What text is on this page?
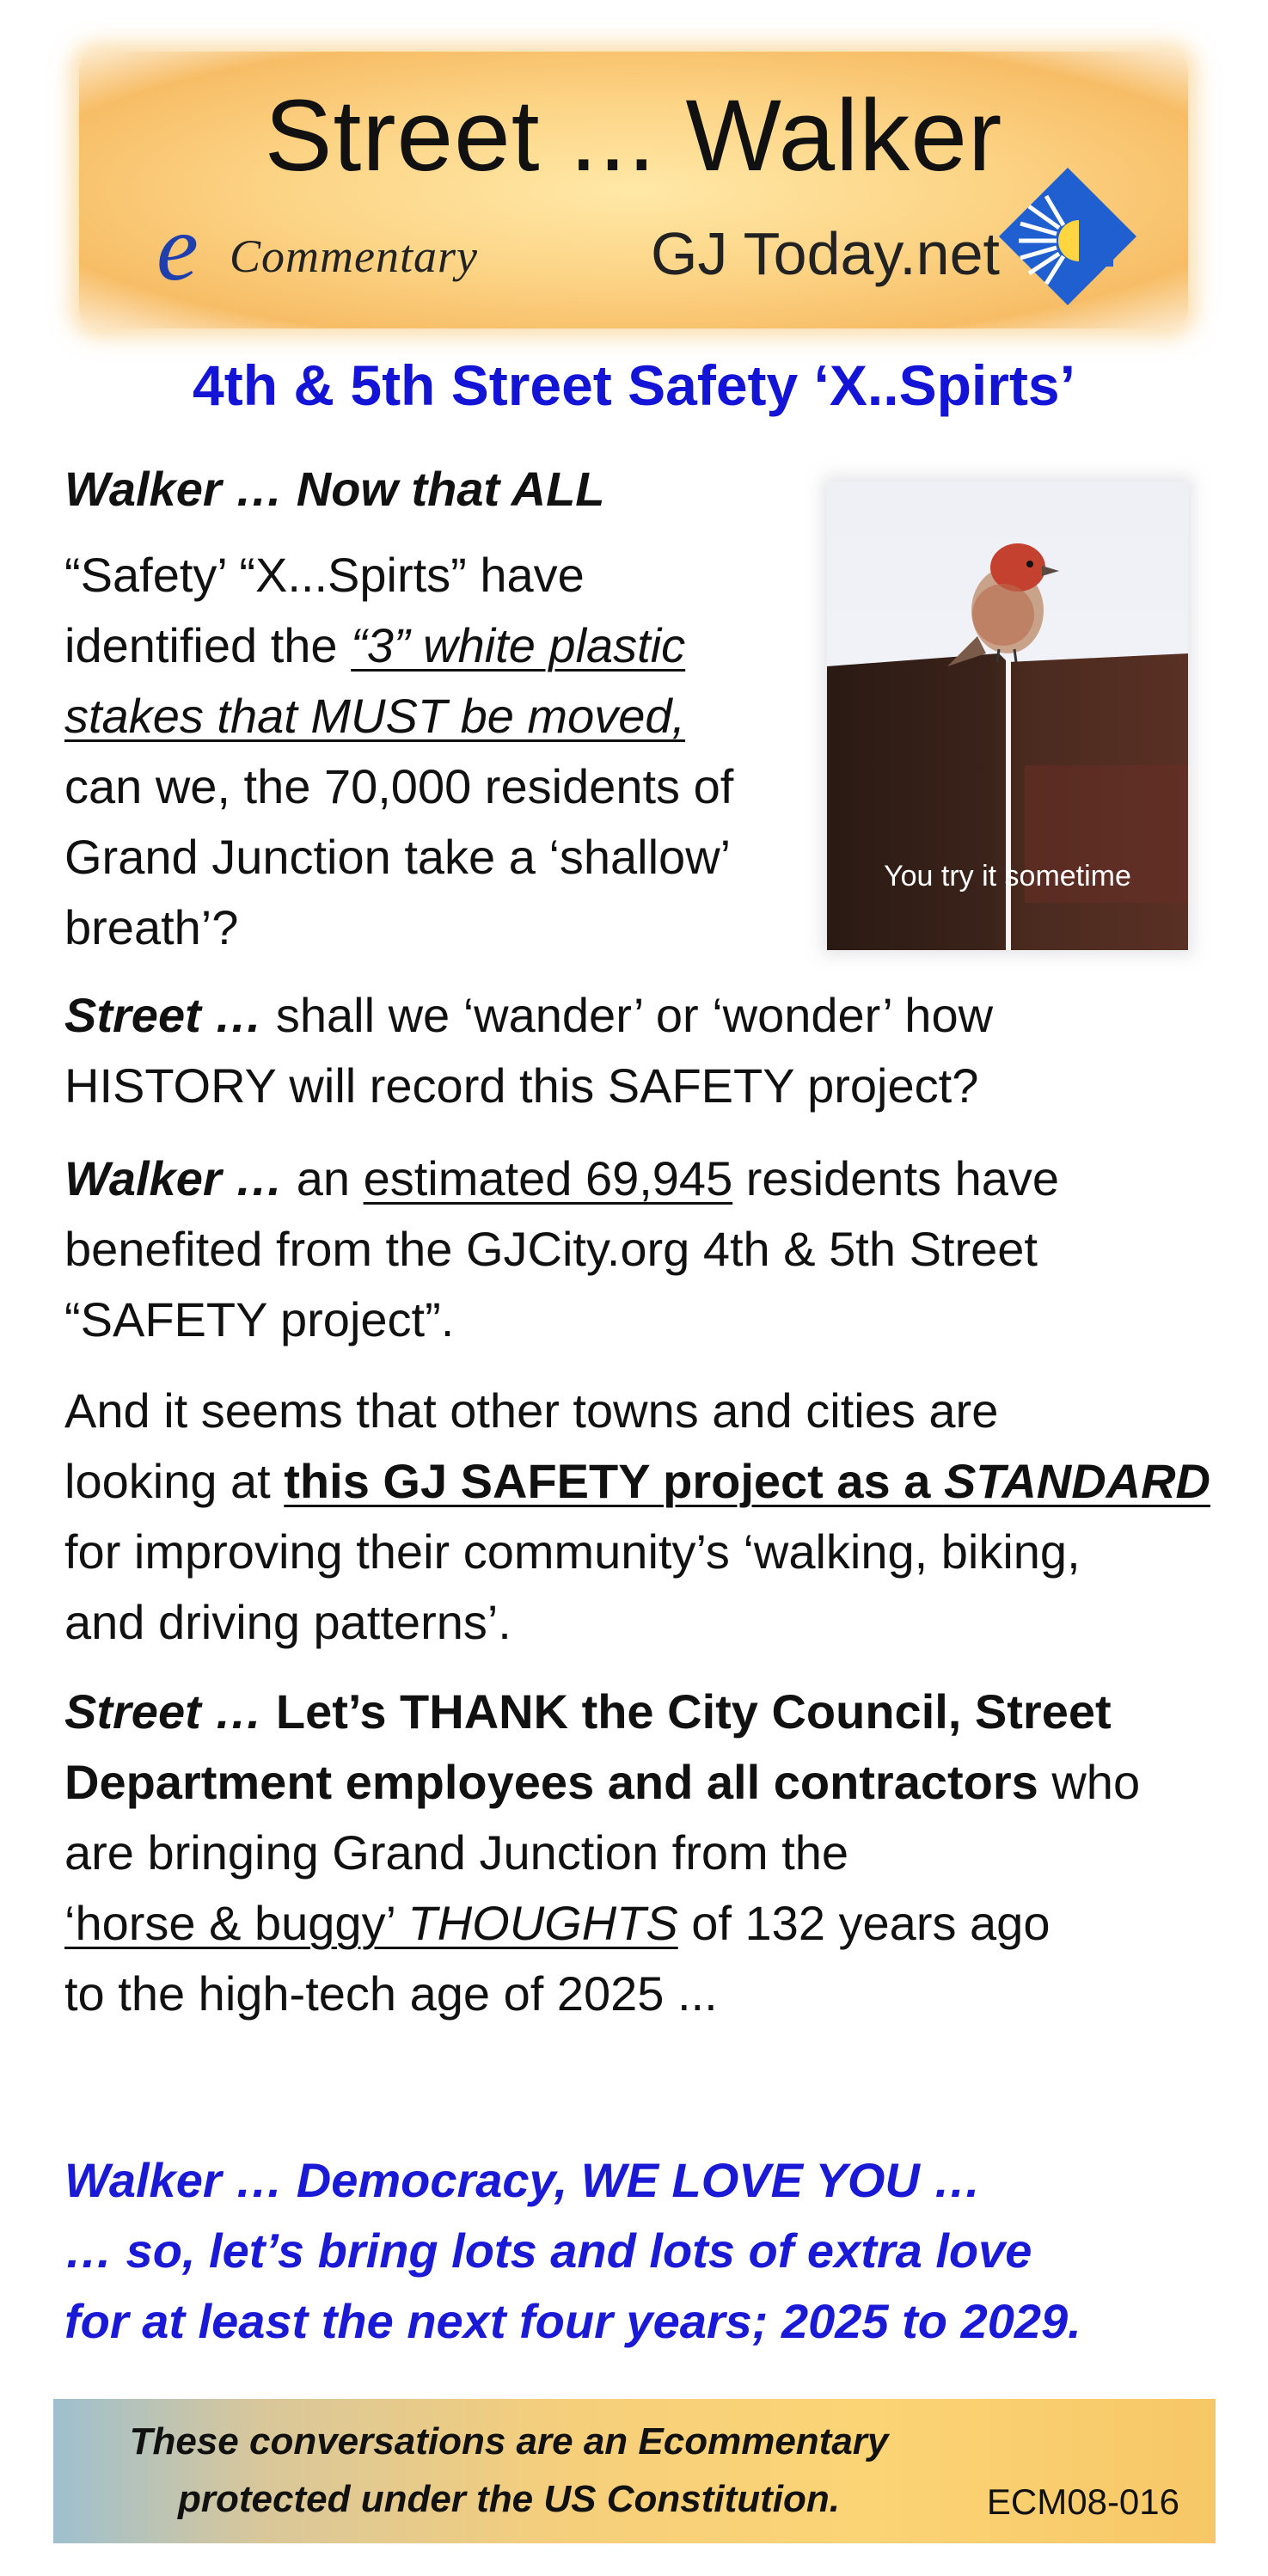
Street ... Walker
e Commentary	GJ Today.net
4th & 5th Street Safety ‘X..Spirts’
Walker … Now that ALL
“Safety’ “X...Spirts” have
identified the “3” white plastic
stakes that MUST be moved,
can we, the 70,000 residents of
Grand Junction take a ‘shallow’
breath’?
You try it sometime
Street … shall we ‘wander’ or ‘wonder’ how
HISTORY will record this SAFETY project?
Walker … an estimated 69,945 residents have
benefited from the GJCity.org 4th & 5th Street
“SAFETY project”.
And it seems that other towns and cities are
looking at this GJ SAFETY project as a STANDARD
for improving their community’s ‘walking, biking,
and driving patterns’.
Street … Let’s THANK the City Council, Street
Department employees and all contractors who
are bringing Grand Junction from the
‘horse & buggy’ THOUGHTS of 132 years ago
to the high-tech age of 2025 ...
Walker … Democracy, WE LOVE YOU …
… so, let’s bring lots and lots of extra love
for at least the next four years; 2025 to 2029.
These conversations are an Ecommentary
protected under the US Constitution.	ECM08-016
